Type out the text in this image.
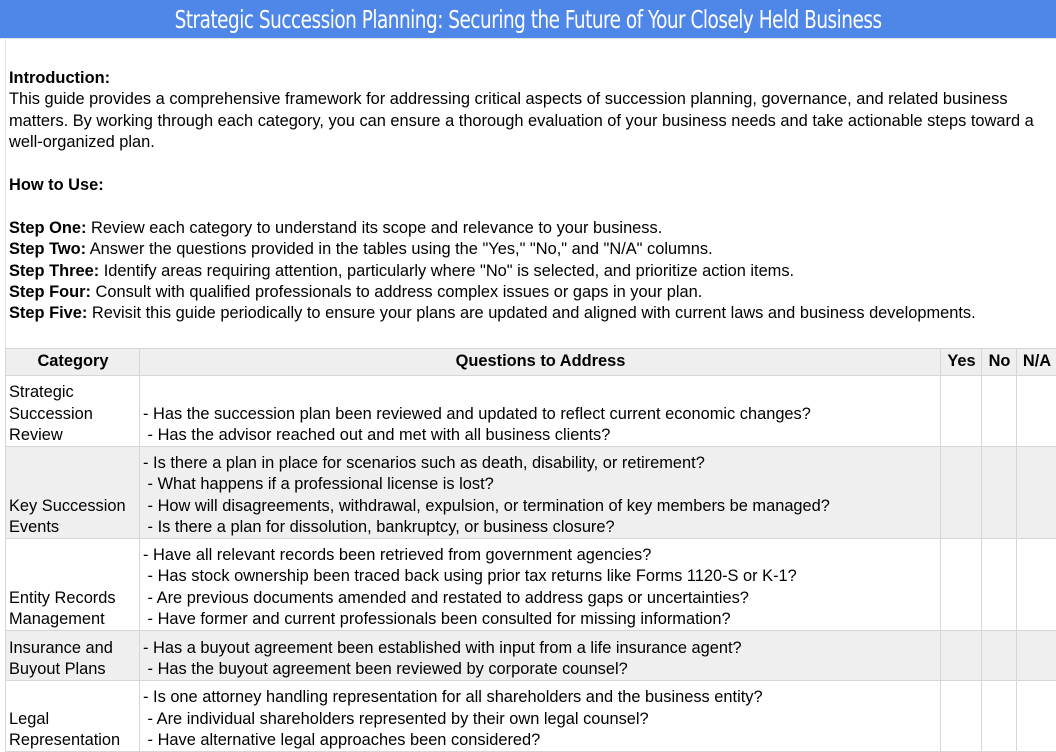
Strategic Succession Planning: Securing the Future of Your Closely Held Business

Introduction:

This guide provides a comprehensive framework for addressing critical aspects of succession planning, governance, and related business matters. By working through each category, you can ensure a thorough evaluation of your business needs and take actionable steps toward a well-organized plan.

How to Use:

Step One: Review each category to understand its scope and relevance to your business.

Step Two: Answer the questions provided in the tables using the "Yes," "No," and "N/A" columns.

Step Three: Identify areas requiring attention, particularly where "No" is selected, and prioritize action items.

Step Four: Consult with qualified professionals to address complex issues or gaps in your plan.

Step Five: Revisit this guide periodically to ensure your plans are updated and aligned with current laws and business developments.

Category	Questions to Address	Yes	No	N/A
Strategic Succession Review	- Has the succession plan been reviewed and updated to reflect current economic changes?
- Has the advisor reached out and met with all business clients?			
Key Succession Events	- Is there a plan in place for scenarios such as death, disability, or retirement?
- What happens if a professional license is lost?
- How will disagreements, withdrawal, expulsion, or termination of key members be managed?
- Is there a plan for dissolution, bankruptcy, or business closure?			
Entity Records Management	- Have all relevant records been retrieved from government agencies?
- Has stock ownership been traced back using prior tax returns like Forms 1120-S or K-1?
- Are previous documents amended and restated to address gaps or uncertainties?
- Have former and current professionals been consulted for missing information?			
Insurance and Buyout Plans	- Has a buyout agreement been established with input from a life insurance agent?
- Has the buyout agreement been reviewed by corporate counsel?			
Legal Representation	- Is one attorney handling representation for all shareholders and the business entity?
- Are individual shareholders represented by their own legal counsel?
- Have alternative legal approaches been considered?			
